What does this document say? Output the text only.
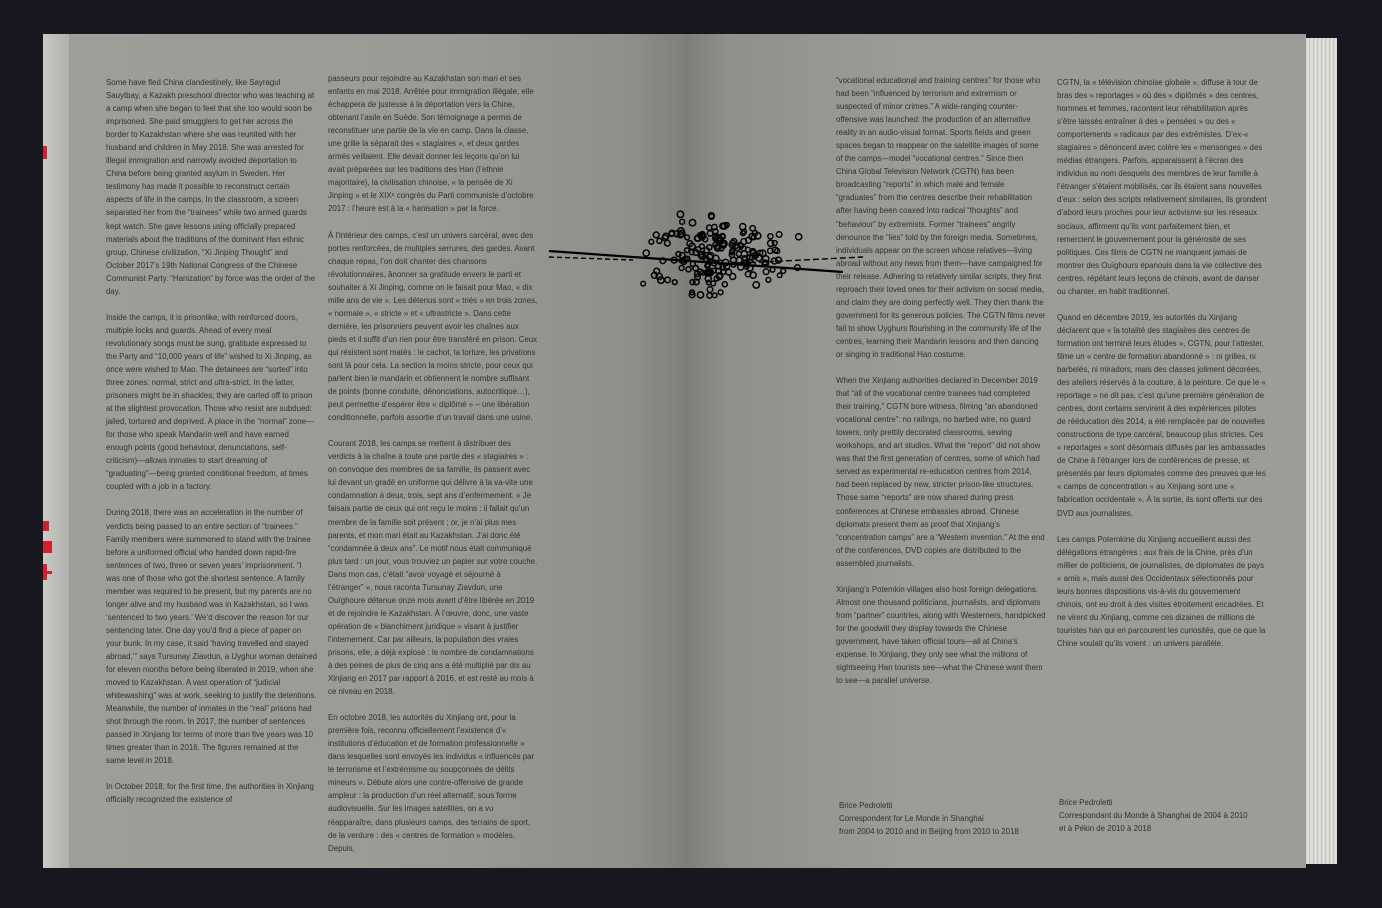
Some have fled China clandestinely, like Sayragul Sauytbay, a Kazakh preschool director who was teaching at a camp when she began to feel that she too would soon be imprisoned. She paid smugglers to get her across the border to Kazakhstan where she was reunited with her husband and children in May 2018. She was arrested for illegal immigration and narrowly avoided deportation to China before being granted asylum in Sweden. Her testimony has made it possible to reconstruct certain aspects of life in the camps. In the classroom, a screen separated her from the “trainees” while two armed guards kept watch. She gave lessons using officially prepared materials about the traditions of the dominant Han ethnic group, Chinese civilization, “Xi Jinping Thought” and October 2017’s 19th National Congress of the Chinese Communist Party. “Hanization” by force was the order of the day.

Inside the camps, it is prisonlike, with reinforced doors, multiple locks and guards. Ahead of every meal revolutionary songs must be sung, gratitude expressed to the Party and “10,000 years of life” wished to Xi Jinping, as once were wished to Mao. The detainees are “sorted” into three zones: normal, strict and ultra-strict. In the latter, prisoners might be in shackles; they are carted off to prison at the slightest provocation. Those who resist are subdued: jailed, tortured and deprived. A place in the “normal” zone—for those who speak Mandarin well and have earned enough points (good behaviour, denunciations, self-criticism)—allows inmates to start dreaming of “graduating”—being granted conditional freedom, at times coupled with a job in a factory.

During 2018, there was an acceleration in the number of verdicts being passed to an entire section of “trainees.” Family members were summoned to stand with the trainee before a uniformed official who handed down rapid-fire sentences of two, three or seven years’ imprisonment. “I was one of those who got the shortest sentence. A family member was required to be present, but my parents are no longer alive and my husband was in Kazakhstan, so I was ‘sentenced to two years.’ We’d discover the reason for our sentencing later. One day you’d find a piece of paper on your bunk. In my case, it said ‘having travelled and stayed abroad,’” says Tursunay Ziavdun, a Uyghur woman detained for eleven months before being liberated in 2019, when she moved to Kazakhstan. A vast operation of “judicial whitewashing” was at work, seeking to justify the detentions. Meanwhile, the number of inmates in the “real” prisons had shot through the room. In 2017, the number of sentences passed in Xinjiang for terms of more than five years was 10 times greater than in 2016. The figures remained at the same level in 2018.

In October 2018, for the first time, the authorities in Xinjiang officially recognized the existence of

passeurs pour rejoindre au Kazakhstan son mari et ses enfants en mai 2018. Arrêtée pour immigration illégale, elle échappera de justesse à la déportation vers la Chine, obtenant l’asile en Suède. Son témoignage a permis de reconstituer une partie de la vie en camp. Dans la classe, une grille la séparait des « stagiaires », et deux gardes armés veillaient. Elle devait donner les leçons qu’on lui avait préparées sur les traditions des Han (l’ethnie majoritaire), la civilisation chinoise, « la pensée de Xi Jinping » et le XIXᵉ congrès du Parti communiste d’octobre 2017 : l’heure est à la « hanisation » par la force.

À l’intérieur des camps, c’est un univers carcéral, avec des portes renforcées, de multiples serrures, des gardes. Avant chaque repas, l’on doit chanter des chansons révolutionnaires, ânonner sa gratitude envers le parti et souhaiter à Xi Jinping, comme on le faisait pour Mao, « dix mille ans de vie ». Les détenus sont « triés » en trois zones, « normale », « stricte » et « ultrastricte ». Dans cette dernière, les prisonniers peuvent avoir les chaînes aux pieds et il suffit d’un rien pour être transféré en prison. Ceux qui résistent sont matés : le cachot, la torture, les privations sont là pour cela. La section la moins stricte, pour ceux qui parlent bien le mandarin et obtiennent le nombre suffisant de points (bonne conduite, dénonciations, autocritique…), peut permettre d’espérer être « diplômé » – une libération conditionnelle, parfois assortie d’un travail dans une usine.

Courant 2018, les camps se mettent à distribuer des verdicts à la chaîne à toute une partie des « stagiaires » : on convoque des membres de sa famille, ils passent avec lui devant un gradé en uniforme qui délivre à la va-vite une condamnation à deux, trois, sept ans d’enfermement. « Je faisais partie de ceux qui ont reçu le moins : il fallait qu’un membre de la famille soit présent ; or, je n’ai plus mes parents, et mon mari était au Kazakhstan. J’ai donc été “condamnée à deux ans”. Le motif nous était communiqué plus tard : un jour, vous trouviez un papier sur votre couche. Dans mon cas, c’était “avoir voyagé et séjourné à l’étranger” », nous raconta Tursunay Ziavdun, une Ouïghoure détenue onze mois avant d’être libérée en 2019 et de rejoindre le Kazakhstan. À l’œuvre, donc, une vaste opération de « blanchiment juridique » visant à justifier l’internement. Car par ailleurs, la population des vraies prisons, elle, a déjà explosé : le nombre de condamnations à des peines de plus de cinq ans a été multiplié par dix au Xinjiang en 2017 par rapport à 2016, et est resté au mois à ce niveau en 2018.

En octobre 2018, les autorités du Xinjiang ont, pour la première fois, reconnu officiellement l’existence d’« institutions d’éducation et de formation professionnelle » dans lesquelles sont envoyés les individus « influencés par le terrorisme et l’extrémisme ou soupçonnés de délits mineurs ». Débute alors une contre-offensive de grande ampleur : la production d’un réel alternatif, sous forme audiovisuelle. Sur les images satellites, on a vu réapparaître, dans plusieurs camps, des terrains de sport, de la verdure : des « centres de formation » modèles. Depuis,

“vocational educational and training centres” for those who had been “influenced by terrorism and extremism or suspected of minor crimes.” A wide-ranging counter-offensive was launched: the production of an alternative reality in an audio-visual format. Sports fields and green spaces began to reappear on the satellite images of some of the camps—model “vocational centres.” Since then China Global Television Network (CGTN) has been broadcasting “reports” in which male and female “graduates” from the centres describe their rehabilitation after having been coaxed into radical “thoughts” and “behaviour” by extremists. Former “trainees” angrily denounce the “lies” told by the foreign media. Sometimes, individuals appear on the screen whose relatives—living abroad without any news from them—have campaigned for their release. Adhering to relatively similar scripts, they first reproach their loved ones for their activism on social media, and claim they are doing perfectly well. They then thank the government for its generous policies. The CGTN films never fail to show Uyghurs flourishing in the community life of the centres, learning their Mandarin lessons and then dancing or singing in traditional Han costume.

When the Xinjiang authorities declared in December 2019 that “all of the vocational centre trainees had completed their training,” CGTN bore witness, filming “an abandoned vocational centre”: no railings, no barbed wire, no guard towers, only prettily decorated classrooms, sewing workshops, and art studios. What the “report” did not show was that the first generation of centres, some of which had served as experimental re-education centres from 2014, had been replaced by new, stricter prison-like structures. Those same “reports” are now shared during press conferences at Chinese embassies abroad. Chinese diplomats present them as proof that Xinjiang’s “concentration camps” are a “Western invention.” At the end of the conferences, DVD copies are distributed to the assembled journalists.

Xinjiang’s Potemkin villages also host foreign delegations. Almost one thousand politicians, journalists, and diplomats from “partner” countries, along with Westerners, handpicked for the goodwill they display towards the Chinese government, have taken official tours—all at China’s expense. In Xinjiang, they only see what the millions of sightseeing Han tourists see—what the Chinese want them to see—a parallel universe.

CGTN, la « télévision chinoise globale », diffuse à tour de bras des « reportages » où des « diplômés » des centres, hommes et femmes, racontent leur réhabilitation après s’être laissés entraîner à des « pensées » ou des « comportements » radicaux par des extrémistes. D’ex-« stagiaires » dénoncent avec colère les « mensonges » des médias étrangers. Parfois, apparaissent à l’écran des individus au nom desquels des membres de leur famille à l’étranger s’étaient mobilisés, car ils étaient sans nouvelles d’eux : selon des scripts relativement similaires, ils grondent d’abord leurs proches pour leur activisme sur les réseaux sociaux, affirment qu’ils vont parfaitement bien, et remercient le gouvernement pour la générosité de ses politiques. Ces films de CGTN ne manquent jamais de montrer des Ouïghours épanouis dans la vie collective des centres, répétant leurs leçons de chinois, avant de danser ou chanter, en habit traditionnel.

Quand en décembre 2019, les autorités du Xinjiang déclarent que « la totalité des stagiaires des centres de formation ont terminé leurs études », CGTN, pour l’attester, filme un « centre de formation abandonné » : ni grilles, ni barbelés, ni miradors, mais des classes joliment décorées, des ateliers réservés à la couture, à la peinture. Ce que le « reportage » ne dit pas, c’est qu’une première génération de centres, dont certains servirent à des expériences pilotes de rééducation dès 2014, a été remplacée par de nouvelles constructions de type carcéral, beaucoup plus strictes. Ces « reportages » sont désormais diffusés par les ambassades de Chine à l’étranger lors de conférences de presse, et présentés par leurs diplomates comme des preuves que les « camps de concentration » au Xinjiang sont une « fabrication occidentale ». À la sortie, ils sont offerts sur des DVD aux journalistes.

Les camps Potemkine du Xinjiang accueillent aussi des délégations étrangères : aux frais de la Chine, près d’un millier de politiciens, de journalistes, de diplomates de pays « amis », mais aussi des Occidentaux sélectionnés pour leurs bonnes dispositions vis-à-vis du gouvernement chinois, ont eu droit à des visites étroitement encadrées. Et ne virent du Xinjiang, comme ces dizaines de millions de touristes han qui en parcourent les curiosités, que ce que la Chine voulait qu’ils voient : un univers parallèle.

Brice Pedroletti
Correspondent for Le Monde in Shanghai
from 2004 to 2010 and in Beijing from 2010 to 2018
Brice Pedroletti
Correspondant du Monde à Shanghai de 2004 à 2010
et à Pékin de 2010 à 2018
